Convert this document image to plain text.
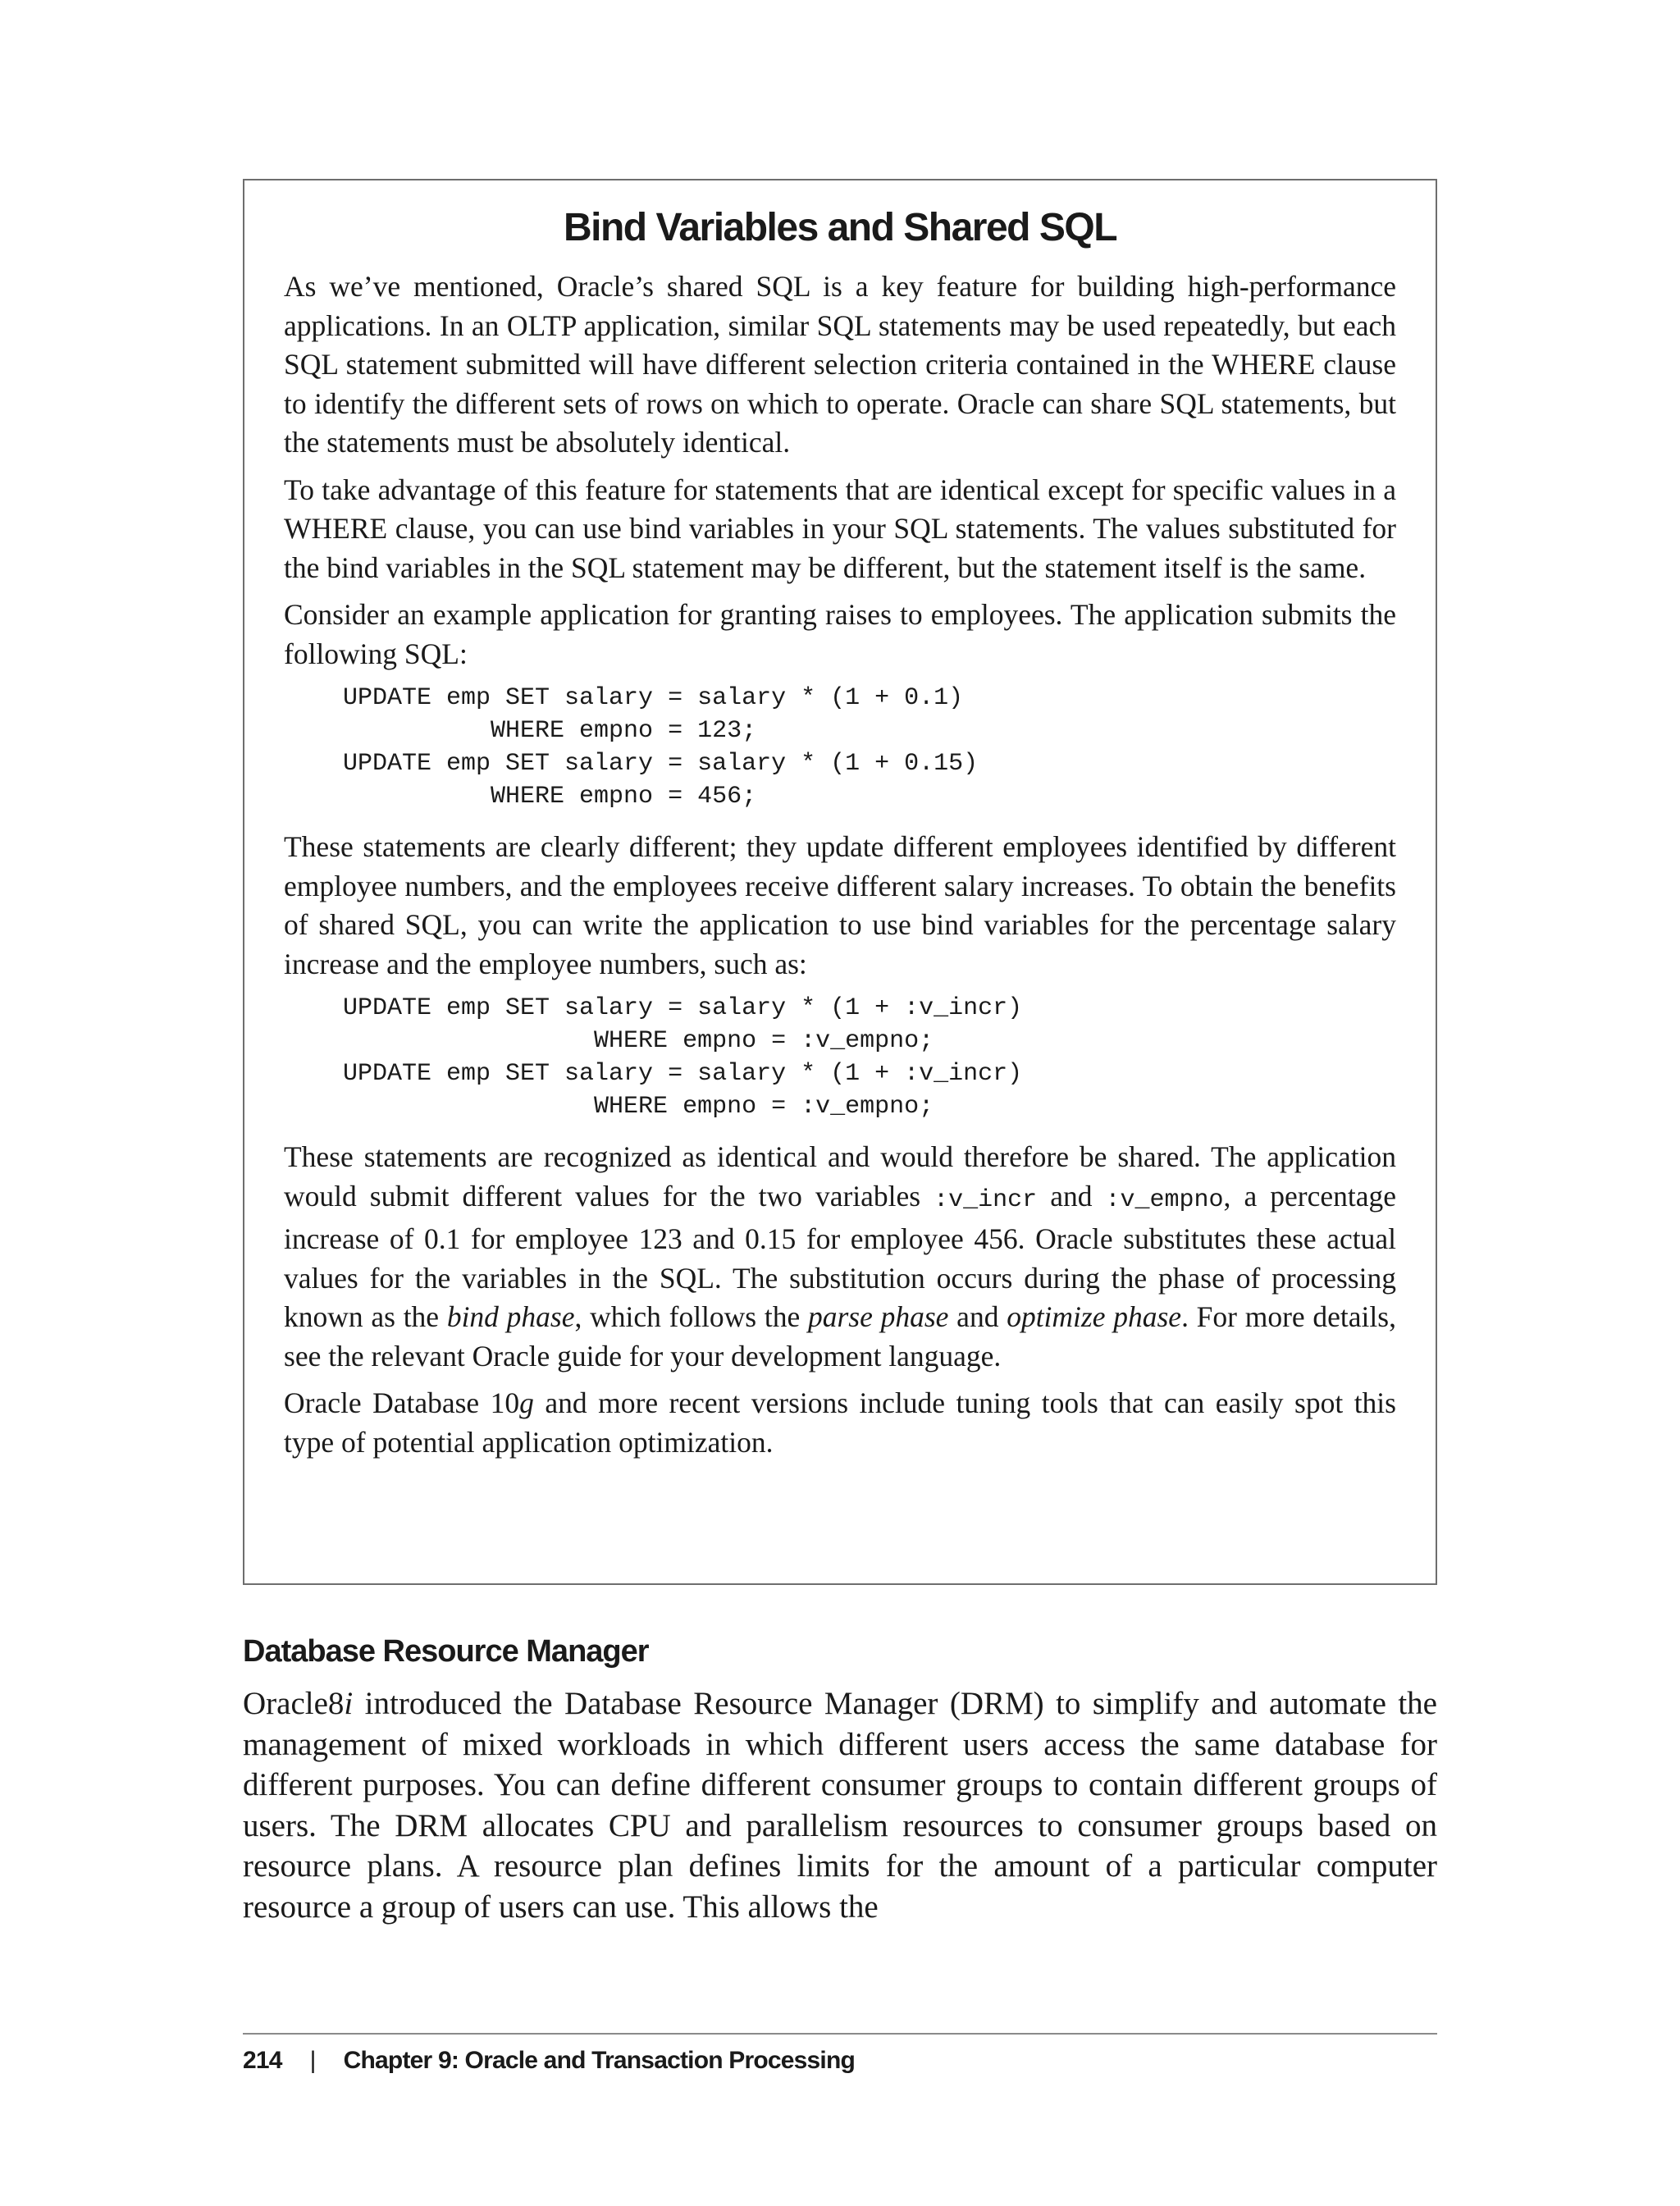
Bind Variables and Shared SQL

As we’ve mentioned, Oracle’s shared SQL is a key feature for building high-performance applications. In an OLTP application, similar SQL statements may be used repeatedly, but each SQL statement submitted will have different selection criteria contained in the WHERE clause to identify the different sets of rows on which to operate. Oracle can share SQL statements, but the statements must be absolutely identical.

To take advantage of this feature for statements that are identical except for specific values in a WHERE clause, you can use bind variables in your SQL statements. The values substituted for the bind variables in the SQL statement may be different, but the statement itself is the same.

Consider an example application for granting raises to employees. The application submits the following SQL:

UPDATE emp SET salary = salary * (1 + 0.1)
WHERE empno = 123;
UPDATE emp SET salary = salary * (1 + 0.15)
WHERE empno = 456;

These statements are clearly different; they update different employees identified by different employee numbers, and the employees receive different salary increases. To obtain the benefits of shared SQL, you can write the application to use bind variables for the percentage salary increase and the employee numbers, such as:

UPDATE emp SET salary = salary * (1 + :v_incr)
WHERE empno = :v_empno;
UPDATE emp SET salary = salary * (1 + :v_incr)
WHERE empno = :v_empno;

These statements are recognized as identical and would therefore be shared. The application would submit different values for the two variables :v_incr and :v_empno, a percentage increase of 0.1 for employee 123 and 0.15 for employee 456. Oracle substitutes these actual values for the variables in the SQL. The substitution occurs during the phase of processing known as the bind phase, which follows the parse phase and optimize phase. For more details, see the relevant Oracle guide for your development language.

Oracle Database 10g and more recent versions include tuning tools that can easily spot this type of potential application optimization.

Database Resource Manager

Oracle8i introduced the Database Resource Manager (DRM) to simplify and automate the management of mixed workloads in which different users access the same database for different purposes. You can define different consumer groups to contain different groups of users. The DRM allocates CPU and parallelism resources to consumer groups based on resource plans. A resource plan defines limits for the amount of a particular computer resource a group of users can use. This allows the

214 | Chapter 9: Oracle and Transaction Processing
